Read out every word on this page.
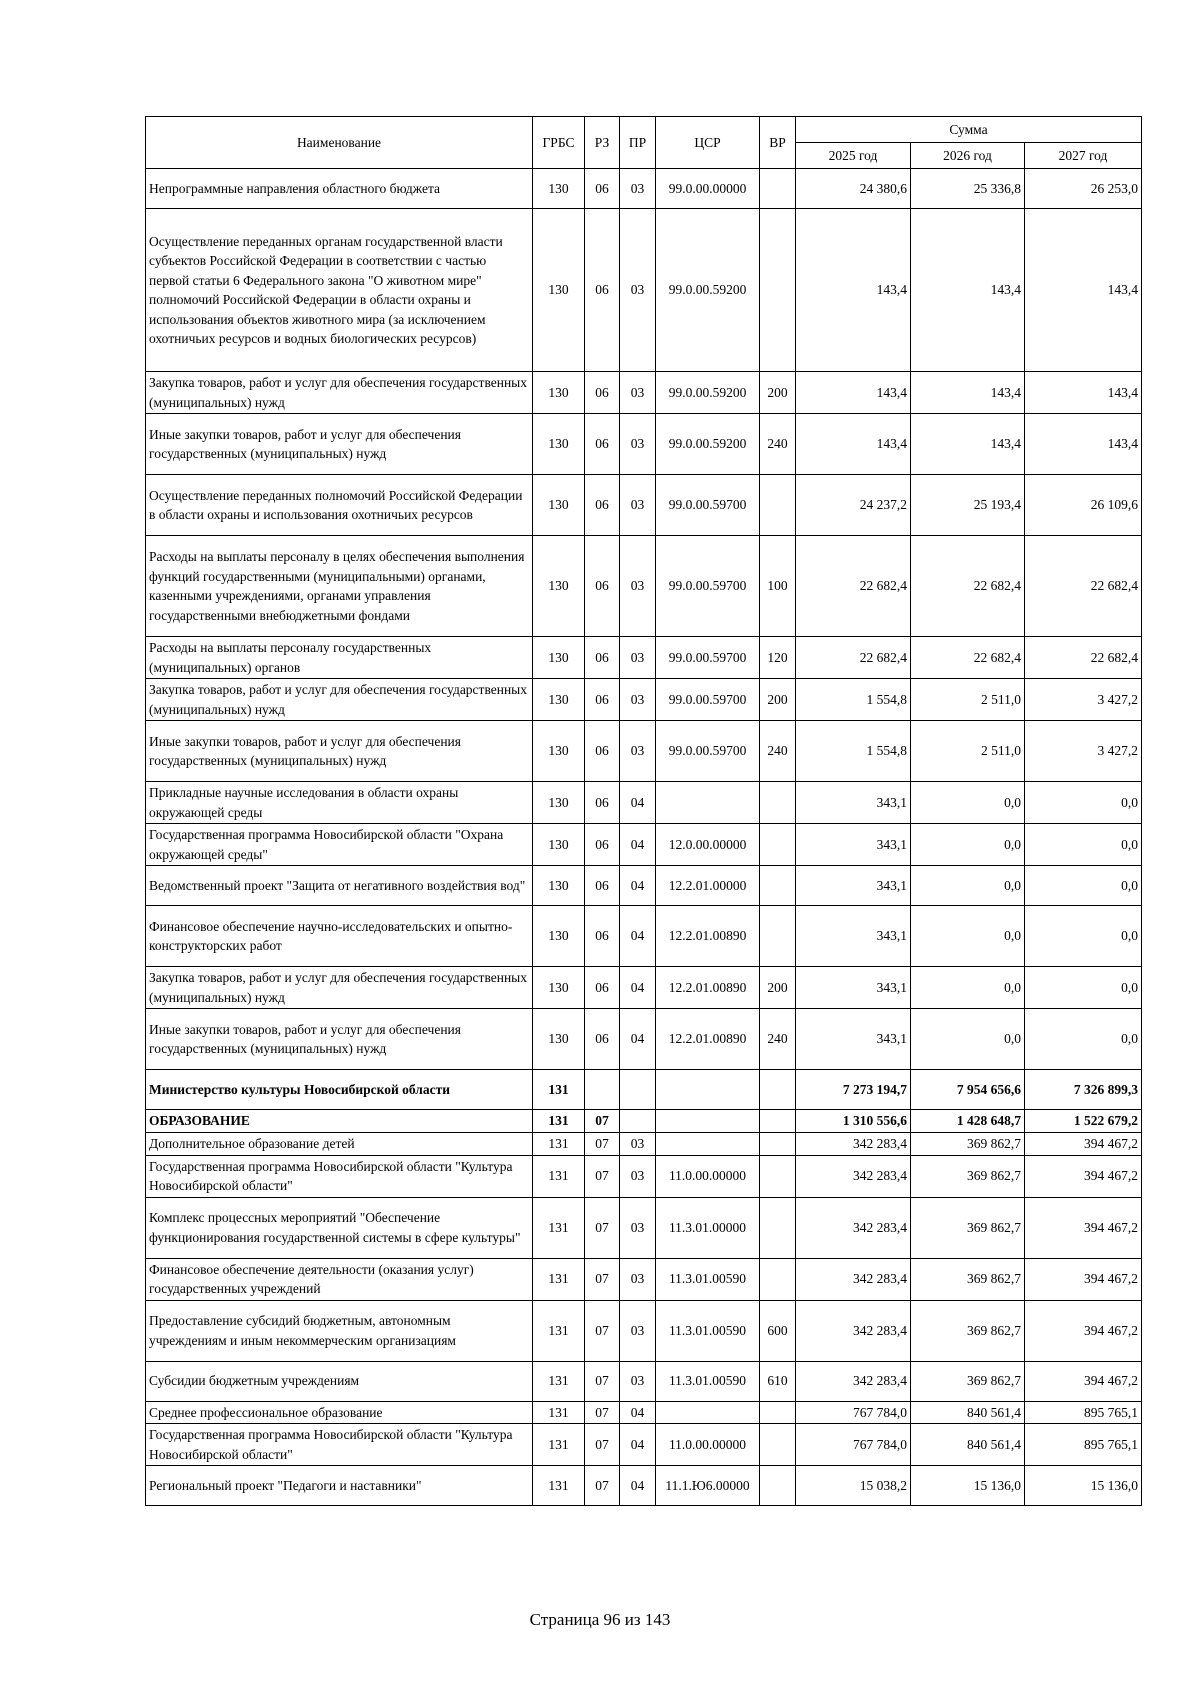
Наименование	ГРБС	РЗ	ПР	ЦСР	ВР	Сумма		
						2025 год	2026 год	2027 год
Непрограммные направления областного бюджета	130	06	03	99.0.00.00000		24 380,6	25 336,8	26 253,0
Осуществление переданных органам государственной власти субъектов Российской Федерации в соответствии с частью первой статьи 6 Федерального закона "О животном мире" полномочий Российской Федерации в области охраны и использования объектов животного мира (за исключением охотничьих ресурсов и водных биологических ресурсов)	130	06	03	99.0.00.59200		143,4	143,4	143,4
Закупка товаров, работ и услуг для обеспечения государственных (муниципальных) нужд	130	06	03	99.0.00.59200	200	143,4	143,4	143,4
Иные закупки товаров, работ и услуг для обеспечения государственных (муниципальных) нужд	130	06	03	99.0.00.59200	240	143,4	143,4	143,4
Осуществление переданных полномочий Российской Федерации в области охраны и использования охотничьих ресурсов	130	06	03	99.0.00.59700		24 237,2	25 193,4	26 109,6
Расходы на выплаты персоналу в целях обеспечения выполнения функций государственными (муниципальными) органами, казенными учреждениями, органами управления государственными внебюджетными фондами	130	06	03	99.0.00.59700	100	22 682,4	22 682,4	22 682,4
Расходы на выплаты персоналу государственных (муниципальных) органов	130	06	03	99.0.00.59700	120	22 682,4	22 682,4	22 682,4
Закупка товаров, работ и услуг для обеспечения государственных (муниципальных) нужд	130	06	03	99.0.00.59700	200	1 554,8	2 511,0	3 427,2
Иные закупки товаров, работ и услуг для обеспечения государственных (муниципальных) нужд	130	06	03	99.0.00.59700	240	1 554,8	2 511,0	3 427,2
Прикладные научные исследования в области охраны окружающей среды	130	06	04			343,1	0,0	0,0
Государственная программа Новосибирской области "Охрана окружающей среды"	130	06	04	12.0.00.00000		343,1	0,0	0,0
Ведомственный проект "Защита от негативного воздействия вод"	130	06	04	12.2.01.00000		343,1	0,0	0,0
Финансовое обеспечение научно-исследовательских и опытно-конструкторских работ	130	06	04	12.2.01.00890		343,1	0,0	0,0
Закупка товаров, работ и услуг для обеспечения государственных (муниципальных) нужд	130	06	04	12.2.01.00890	200	343,1	0,0	0,0
Иные закупки товаров, работ и услуг для обеспечения государственных (муниципальных) нужд	130	06	04	12.2.01.00890	240	343,1	0,0	0,0
Министерство культуры Новосибирской области	131					7 273 194,7	7 954 656,6	7 326 899,3
ОБРАЗОВАНИЕ	131	07				1 310 556,6	1 428 648,7	1 522 679,2
Дополнительное образование детей	131	07	03			342 283,4	369 862,7	394 467,2
Государственная программа Новосибирской области "Культура Новосибирской области"	131	07	03	11.0.00.00000		342 283,4	369 862,7	394 467,2
Комплекс процессных мероприятий "Обеспечение функционирования государственной системы в сфере культуры"	131	07	03	11.3.01.00000		342 283,4	369 862,7	394 467,2
Финансовое обеспечение деятельности (оказания услуг) государственных учреждений	131	07	03	11.3.01.00590		342 283,4	369 862,7	394 467,2
Предоставление субсидий бюджетным, автономным учреждениям и иным некоммерческим организациям	131	07	03	11.3.01.00590	600	342 283,4	369 862,7	394 467,2
Субсидии бюджетным учреждениям	131	07	03	11.3.01.00590	610	342 283,4	369 862,7	394 467,2
Среднее профессиональное образование	131	07	04			767 784,0	840 561,4	895 765,1
Государственная программа Новосибирской области "Культура Новосибирской области"	131	07	04	11.0.00.00000		767 784,0	840 561,4	895 765,1
Региональный проект "Педагоги и наставники"	131	07	04	11.1.Ю6.00000		15 038,2	15 136,0	15 136,0
Страница 96 из 143
